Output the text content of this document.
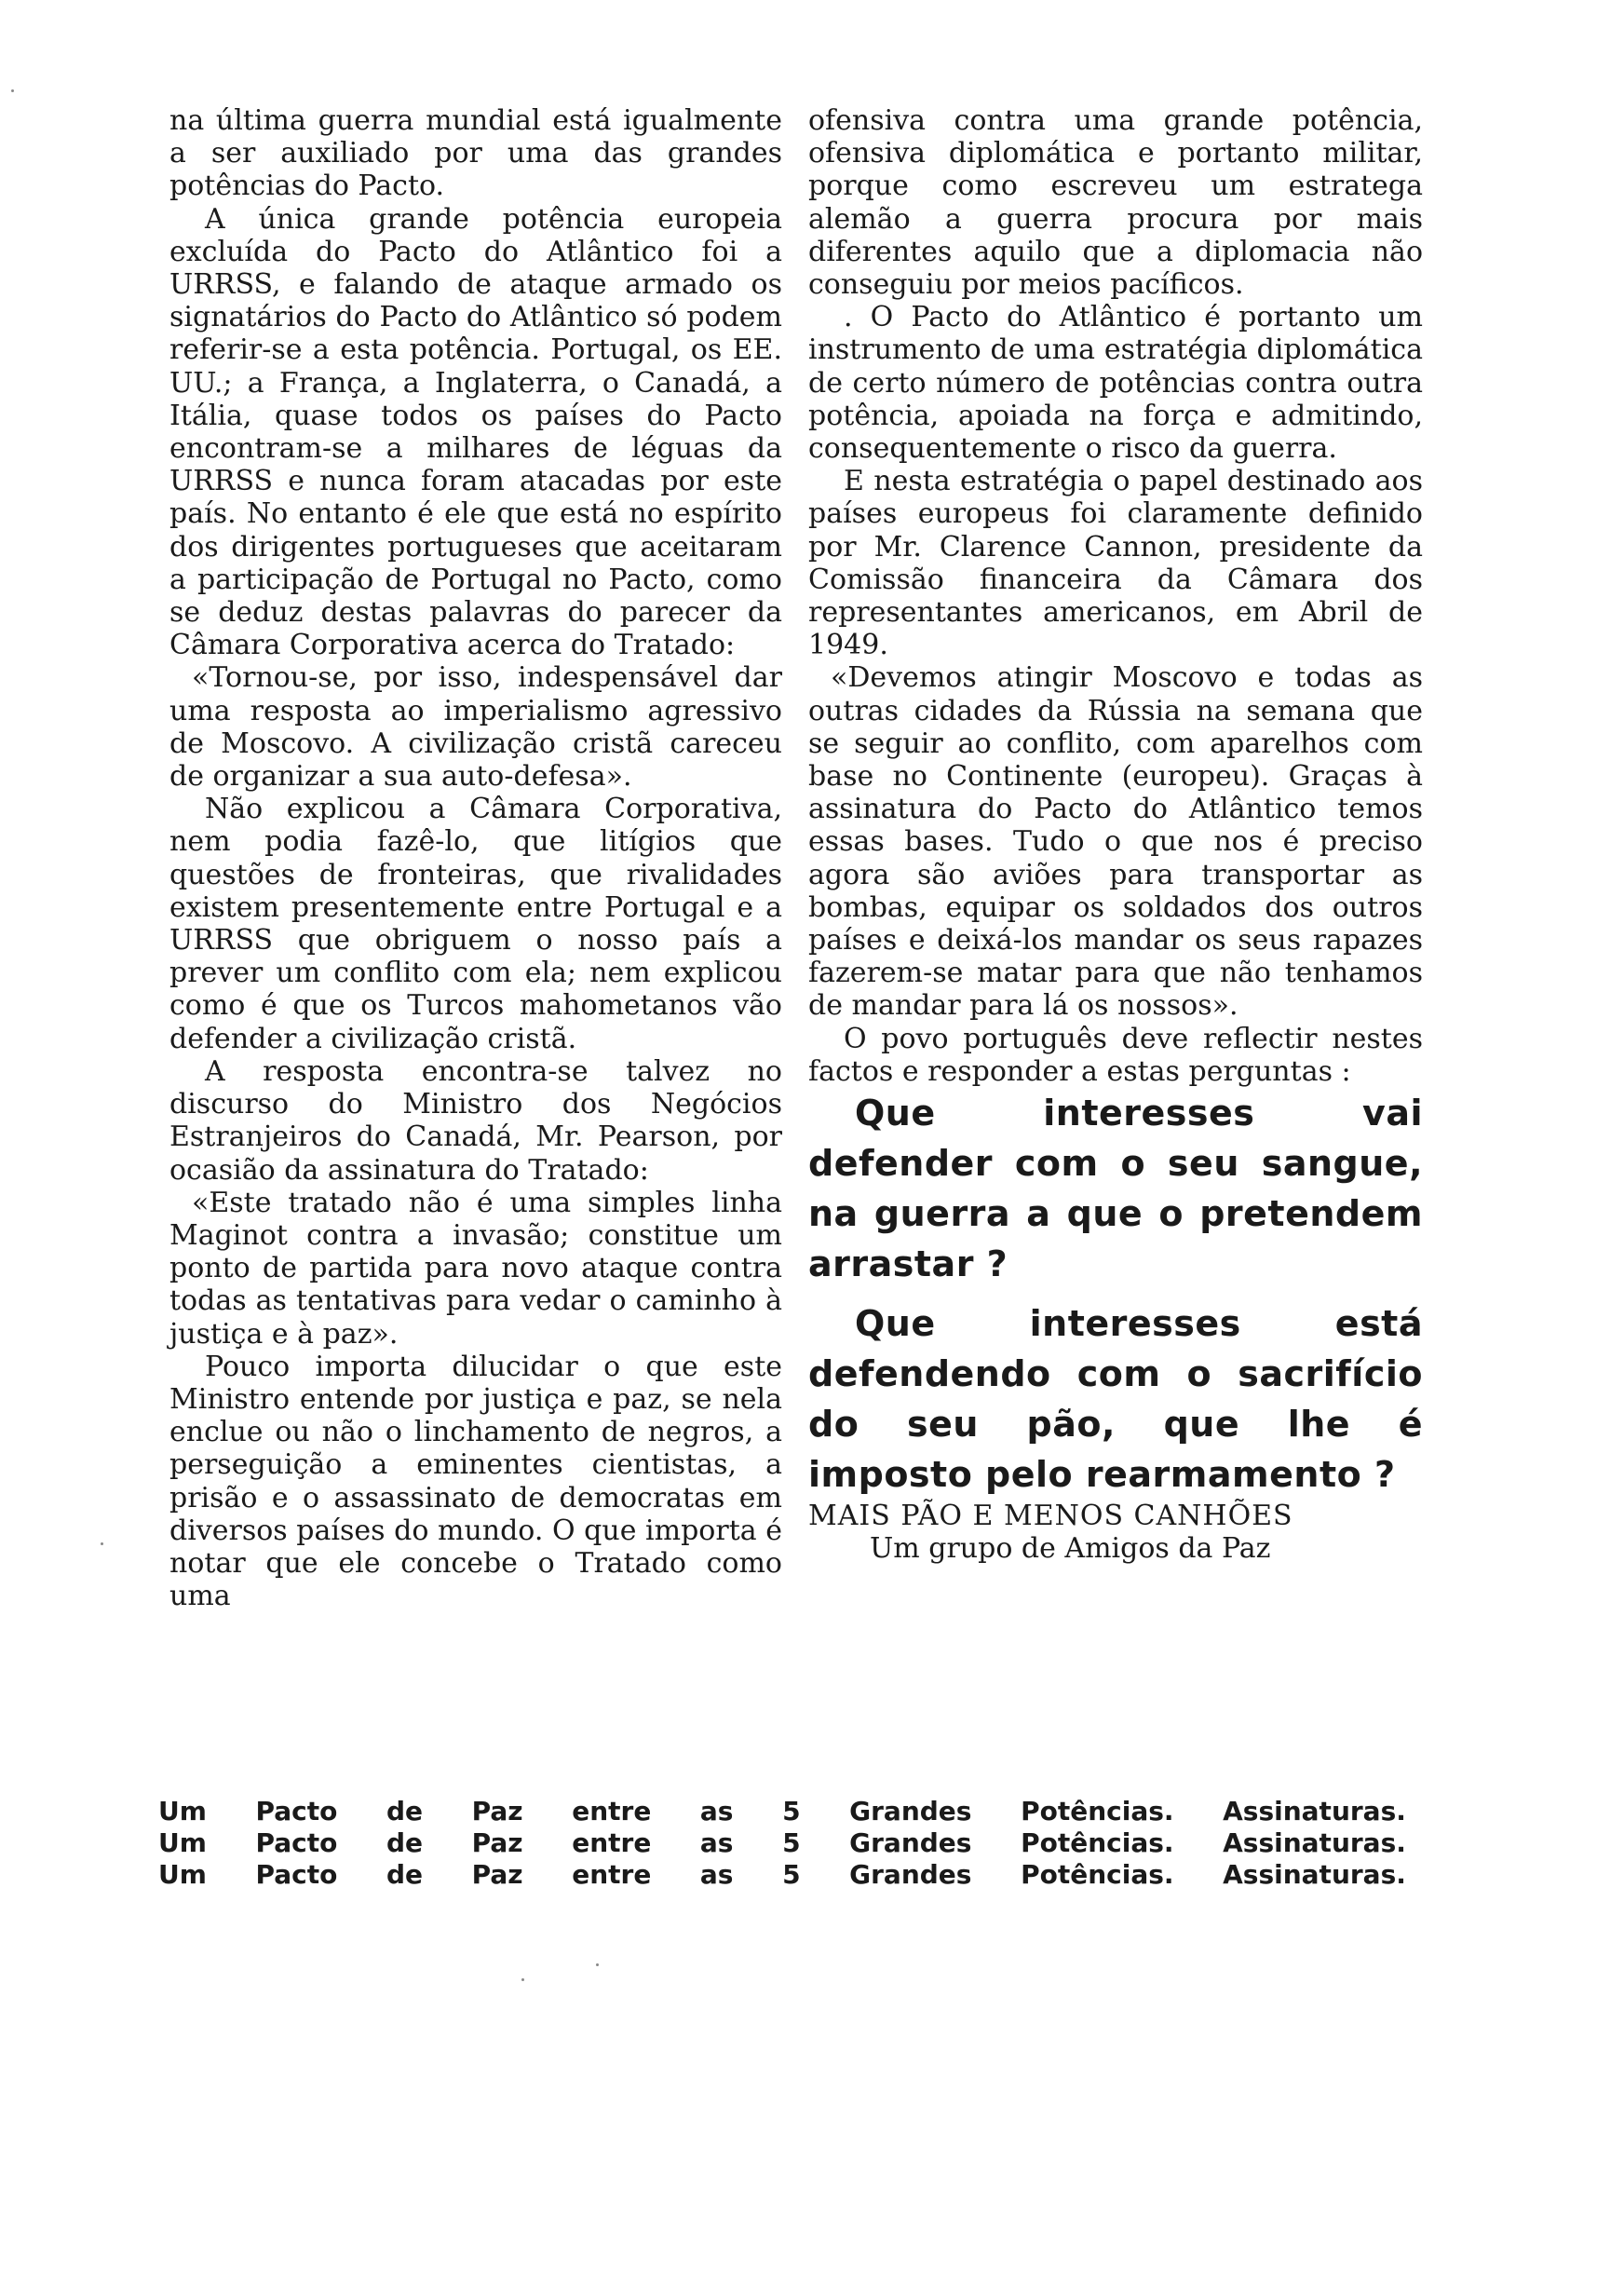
na última guerra mundial está igualmente a ser auxiliado por uma das grandes potências do Pacto.

A única grande potência europeia excluída do Pacto do Atlântico foi a URRSS, e falando de ataque armado os signatários do Pacto do Atlântico só podem referir-se a esta potência. Portugal, os EE. UU.; a França, a Inglaterra, o Canadá, a Itália, quase todos os países do Pacto encontram-se a milhares de léguas da URRSS e nunca foram atacadas por este país. No entanto é ele que está no espírito dos dirigentes portugueses que aceitaram a participação de Portugal no Pacto, como se deduz destas palavras do parecer da Câmara Corporativa acerca do Tratado:

«Tornou-se, por isso, indespensável dar uma resposta ao imperialismo agressivo de Moscovo. A civilização cristã careceu de organizar a sua auto-defesa».

Não explicou a Câmara Corporativa, nem podia fazê-lo, que litígios que questões de fronteiras, que rivalidades existem presentemente entre Portugal e a URRSS que obriguem o nosso país a prever um conflito com ela; nem explicou como é que os Turcos mahometanos vão defender a civilização cristã.

A resposta encontra-se talvez no discurso do Ministro dos Negócios Estranjeiros do Canadá, Mr. Pearson, por ocasião da assinatura do Tratado:

«Este tratado não é uma simples linha Maginot contra a invasão; constitue um ponto de partida para novo ataque contra todas as tentativas para vedar o caminho à justiça e à paz».

Pouco importa dilucidar o que este Ministro entende por justiça e paz, se nela enclue ou não o linchamento de negros, a perseguição a eminentes cientistas, a prisão e o assassinato de democratas em diversos países do mundo. O que importa é notar que ele concebe o Tratado como uma

ofensiva contra uma grande potência, ofensiva diplomática e portanto militar, porque como escreveu um estratega alemão a guerra procura por mais diferentes aquilo que a diplomacia não conseguiu por meios pacíficos.

. O Pacto do Atlântico é portanto um instrumento de uma estratégia diplomática de certo número de potências contra outra potência, apoiada na força e admitindo, consequentemente o risco da guerra.

E nesta estratégia o papel destinado aos países europeus foi claramente definido por Mr. Clarence Cannon, presidente da Comissão financeira da Câmara dos representantes americanos, em Abril de 1949.

«Devemos atingir Moscovo e todas as outras cidades da Rússia na semana que se seguir ao conflito, com aparelhos com base no Continente (europeu). Graças à assinatura do Pacto do Atlântico temos essas bases. Tudo o que nos é preciso agora são aviões para transportar as bombas, equipar os soldados dos outros países e deixá-los mandar os seus rapazes fazerem-se matar para que não tenhamos de mandar para lá os nossos».

O povo português deve reflectir nestes factos e responder a estas perguntas :

Que interesses vai defender com o seu sangue, na guerra a que o pretendem arrastar ?

Que interesses está defendendo com o sacrifício do seu pão, que lhe é imposto pelo rearmamento ?

MAIS PÃO E MENOS CANHÕES

Um grupo de Amigos da Paz

Um Pacto de Paz entre as 5 Grandes Potências. Assinaturas.
Um Pacto de Paz entre as 5 Grandes Potências. Assinaturas.
Um Pacto de Paz entre as 5 Grandes Potências. Assinaturas.
